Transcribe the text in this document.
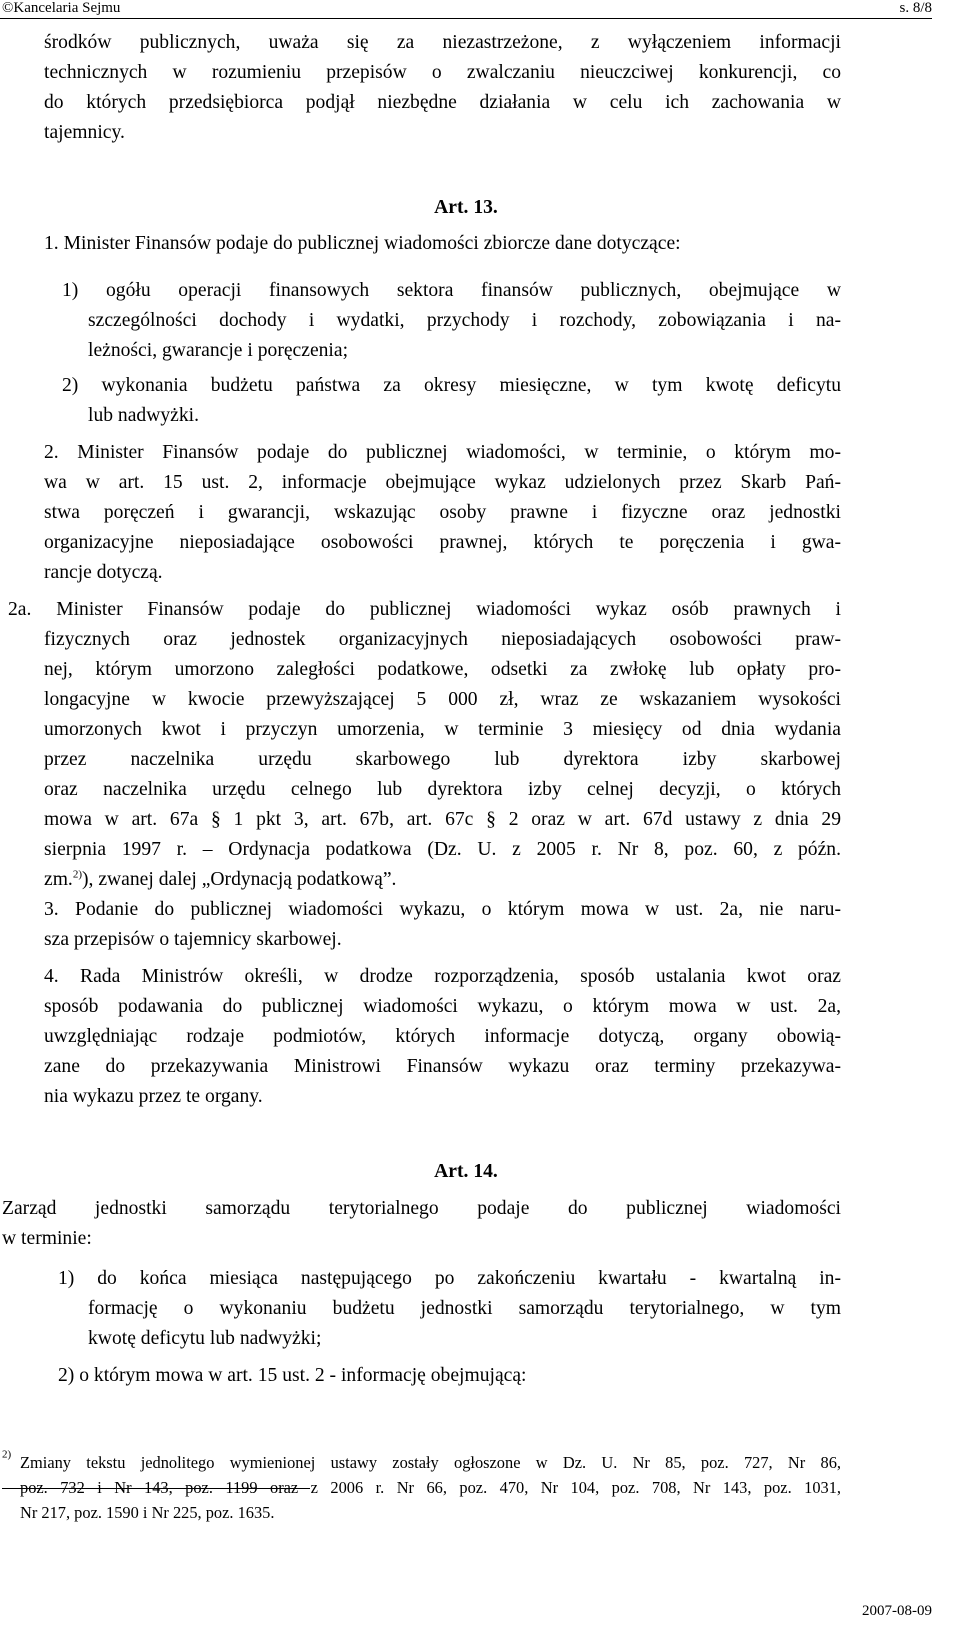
©Kancelaria Sejmu	s. 8/8
środków publicznych, uważa się za niezastrzeżone, z wyłączeniem informacji
technicznych w rozumieniu przepisów o zwalczaniu nieuczciwej konkurencji, co
do których przedsiębiorca podjął niezbędne działania w celu ich zachowania w
tajemnicy.
Art. 13.
1. Minister Finansów podaje do publicznej wiadomości zbiorcze dane dotyczące:
1) ogółu operacji finansowych sektora finansów publicznych, obejmujące w
szczególności dochody i wydatki, przychody i rozchody, zobowiązania i na-
leżności, gwarancje i poręczenia;
2) wykonania budżetu państwa za okresy miesięczne, w tym kwotę deficytu
lub nadwyżki.
2. Minister Finansów podaje do publicznej wiadomości, w terminie, o którym mo-
wa w art. 15 ust. 2, informacje obejmujące wykaz udzielonych przez Skarb Pań-
stwa poręczeń i gwarancji, wskazując osoby prawne i fizyczne oraz jednostki
organizacyjne nieposiadające osobowości prawnej, których te poręczenia i gwa-
rancje dotyczą.
2a. Minister Finansów podaje do publicznej wiadomości wykaz osób prawnych i
fizycznych oraz jednostek organizacyjnych nieposiadających osobowości praw-
nej, którym umorzono zaległości podatkowe, odsetki za zwłokę lub opłaty pro-
longacyjne w kwocie przewyższającej 5 000 zł, wraz ze wskazaniem wysokości
umorzonych kwot i przyczyn umorzenia, w terminie 3 miesięcy od dnia wydania
przez naczelnika urzędu skarbowego lub dyrektora izby skarbowej
oraz naczelnika urzędu celnego lub dyrektora izby celnej decyzji, o których
mowa w art. 67a § 1 pkt 3, art. 67b, art. 67c § 2 oraz w art. 67d ustawy z dnia 29
sierpnia 1997 r. – Ordynacja podatkowa (Dz. U. z 2005 r. Nr 8, poz. 60, z późn.
zm.$^{2)}$), zwanej dalej „Ordynacją podatkową”.
3. Podanie do publicznej wiadomości wykazu, o którym mowa w ust. 2a, nie naru-
sza przepisów o tajemnicy skarbowej.
4. Rada Ministrów określi, w drodze rozporządzenia, sposób ustalania kwot oraz
sposób podawania do publicznej wiadomości wykazu, o którym mowa w ust. 2a,
uwzględniając rodzaje podmiotów, których informacje dotyczą, organy obowią-
zane do przekazywania Ministrowi Finansów wykazu oraz terminy przekazywa-
nia wykazu przez te organy.
Art. 14.
Zarząd jednostki samorządu terytorialnego podaje do publicznej wiadomości
w terminie:
1) do końca miesiąca następującego po zakończeniu kwartału - kwartalną in-
formację o wykonaniu budżetu jednostki samorządu terytorialnego, w tym
kwotę deficytu lub nadwyżki;
2) o którym mowa w art. 15 ust. 2 - informację obejmującą:
$^{2)}$ Zmiany tekstu jednolitego wymienionej ustawy zostały ogłoszone w Dz. U. Nr 85, poz. 727, Nr 86,
poz. 732 i Nr 143, poz. 1199 oraz z 2006 r. Nr 66, poz. 470, Nr 104, poz. 708, Nr 143, poz. 1031,
Nr 217, poz. 1590 i Nr 225, poz. 1635.
2007-08-09
